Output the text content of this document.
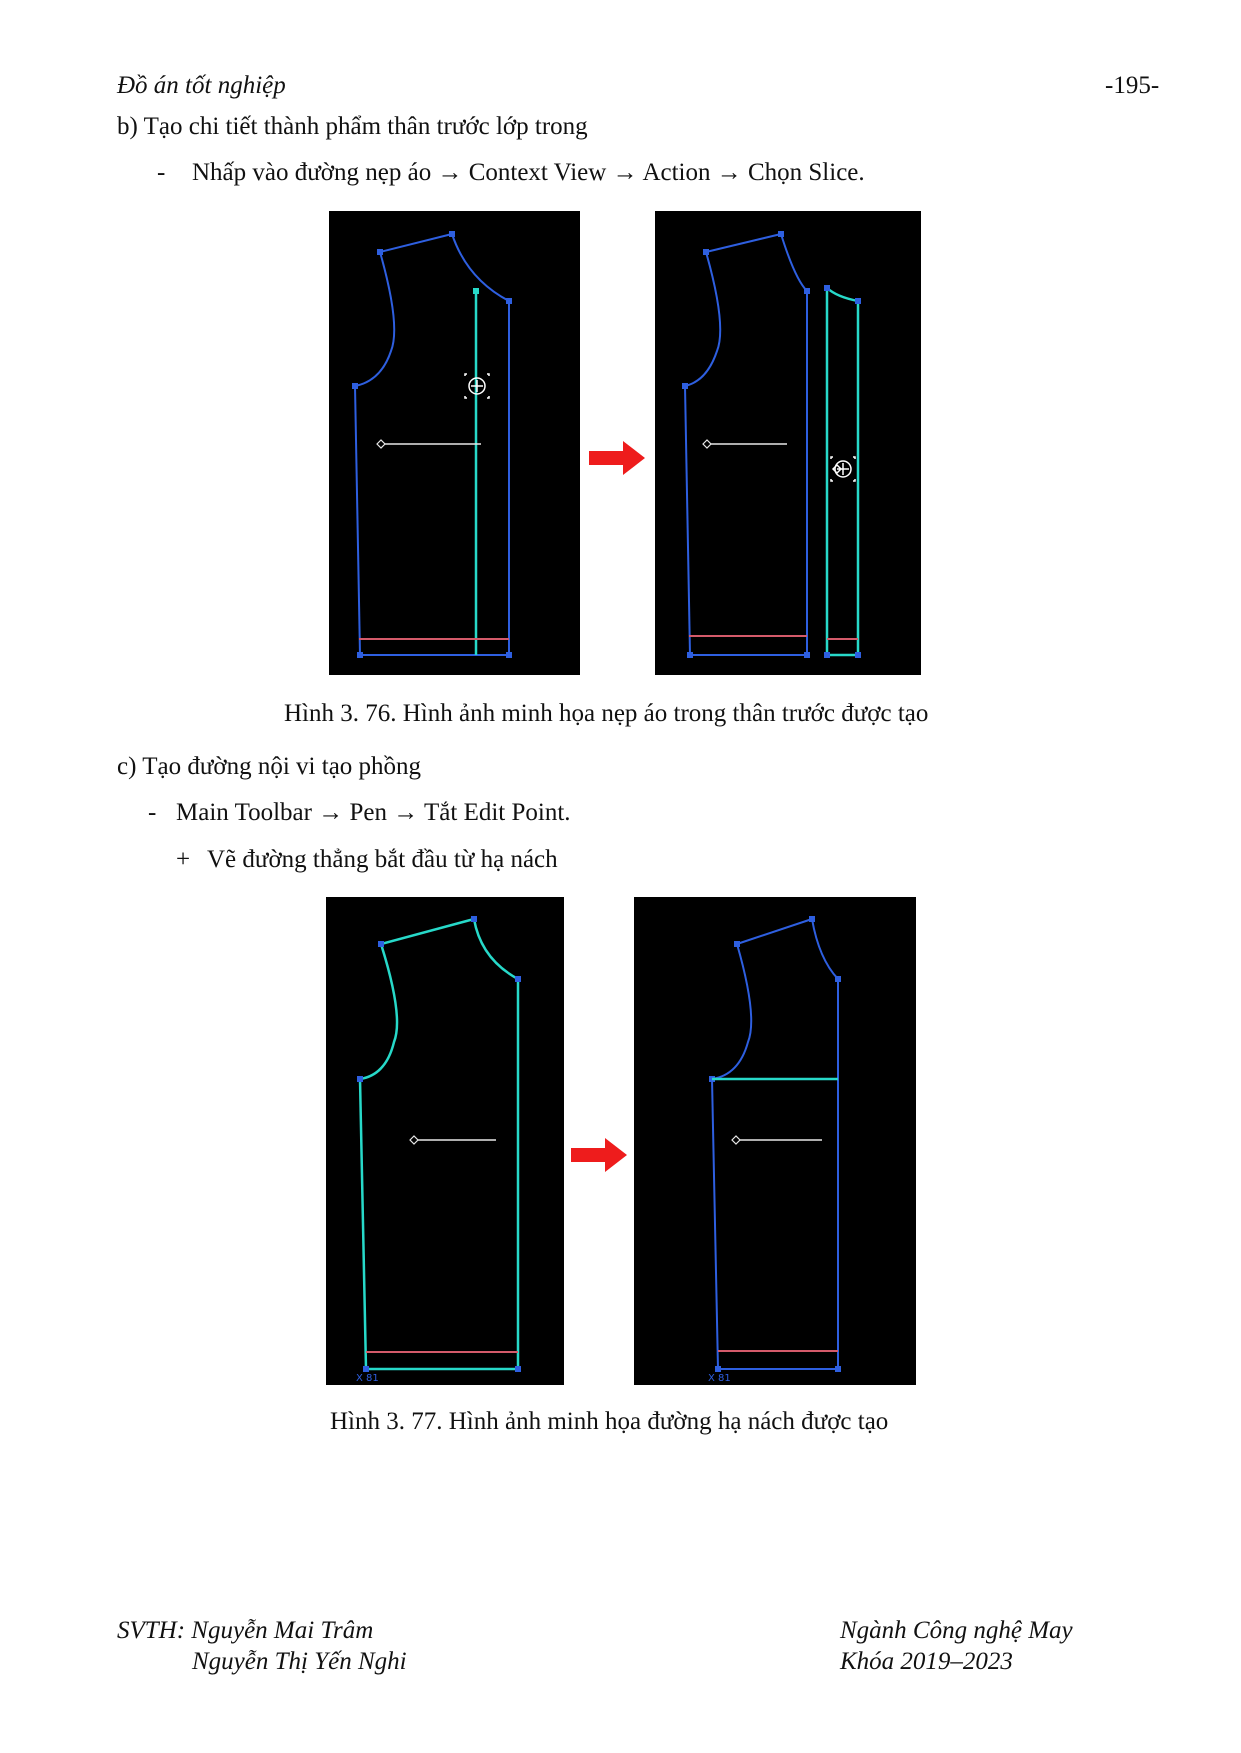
Đồ án tốt nghiệp	-195-
b) Tạo chi tiết thành phẩm thân trước lớp trong
- Nhấp vào đường nẹp áo → Context View → Action → Chọn Slice.
Hình 3. 76. Hình ảnh minh họa nẹp áo trong thân trước được tạo
c) Tạo đường nội vi tạo phồng
- Main Toolbar → Pen → Tắt Edit Point.
+ Vẽ đường thẳng bắt đầu từ hạ nách
X 81	X 81
Hình 3. 77. Hình ảnh minh họa đường hạ nách được tạo
SVTH: Nguyễn Mai Trâm
Nguyễn Thị Yến Nghi
Ngành Công nghệ May
Khóa 2019–2023
